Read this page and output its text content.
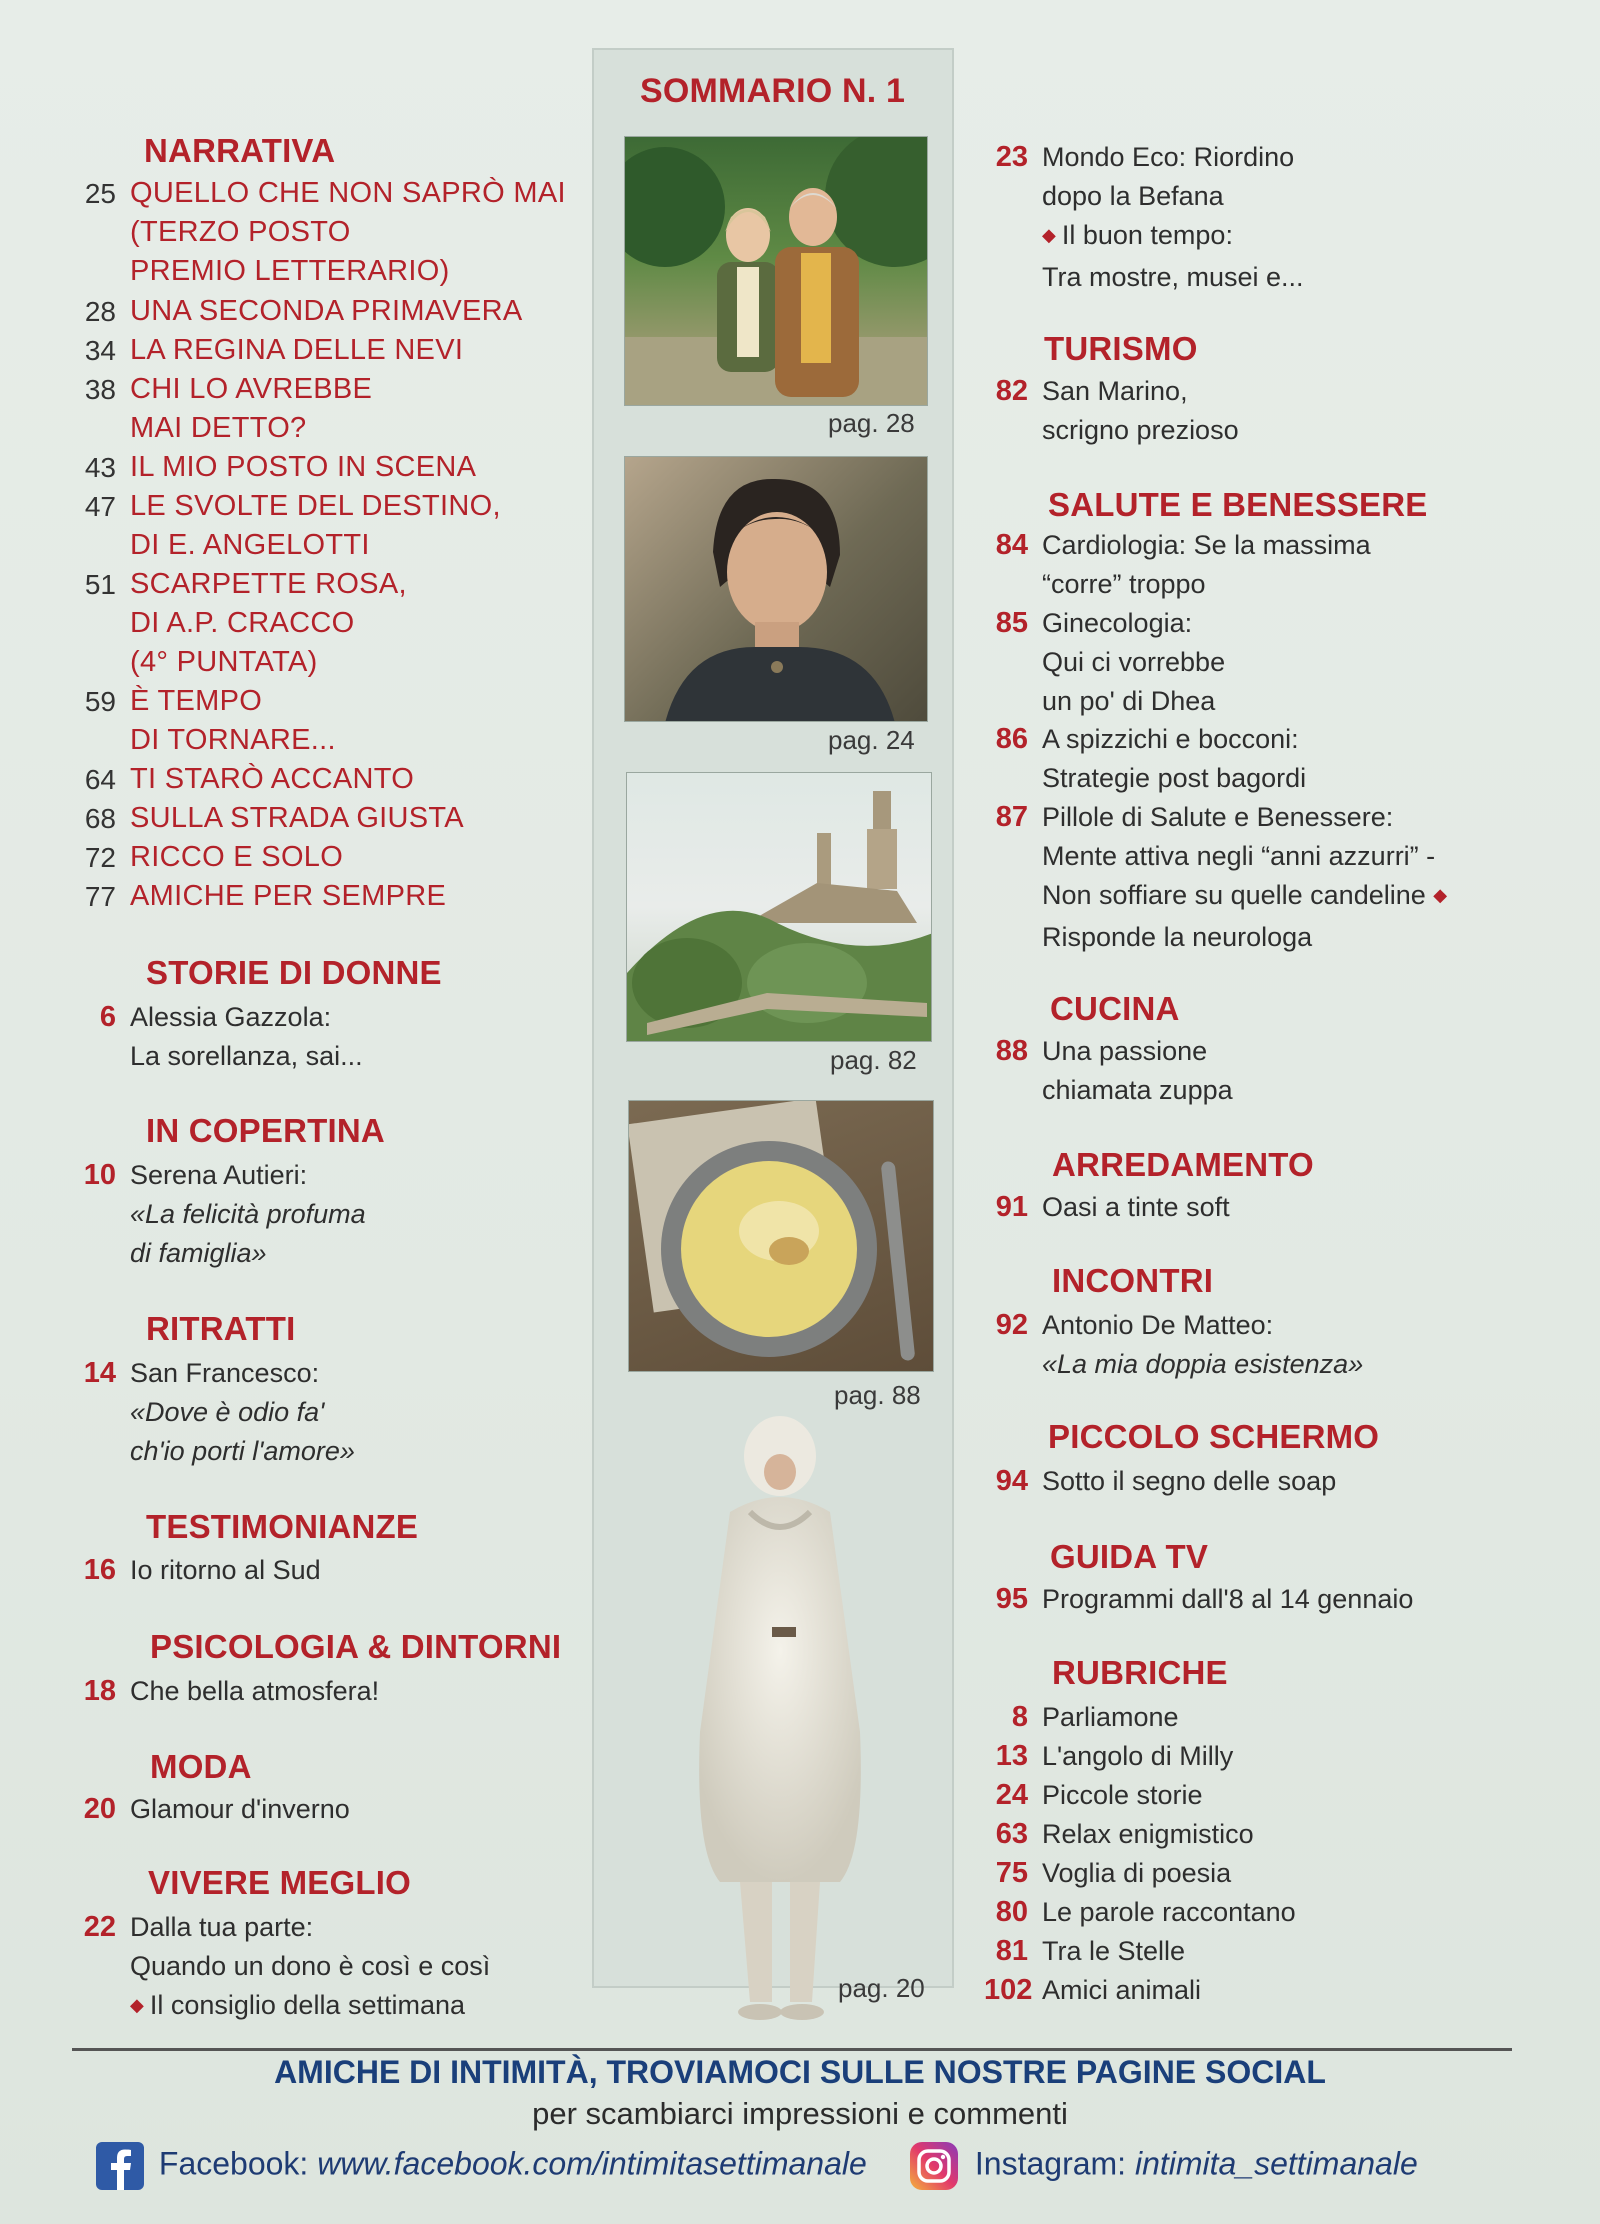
SOMMARIO N. 1
pag. 28
pag. 24
pag. 82
pag. 88
pag. 20
NARRATIVA
25 QUELLO CHE NON SAPRÒ MAI
(TERZO POSTO
PREMIO LETTERARIO)
28 UNA SECONDA PRIMAVERA
34 LA REGINA DELLE NEVI
38 CHI LO AVREBBE
MAI DETTO?
43 IL MIO POSTO IN SCENA
47 LE SVOLTE DEL DESTINO,
DI E. ANGELOTTI
51 SCARPETTE ROSA,
DI A.P. CRACCO
(4° PUNTATA)
59 È TEMPO
DI TORNARE...
64 TI STARÒ ACCANTO
68 SULLA STRADA GIUSTA
72 RICCO E SOLO
77 AMICHE PER SEMPRE
STORIE DI DONNE
6 Alessia Gazzola:
La sorellanza, sai...
IN COPERTINA
10 Serena Autieri:
«La felicità profuma
di famiglia»
RITRATTI
14 San Francesco:
«Dove è odio fa'
ch'io porti l'amore»
TESTIMONIANZE
16 Io ritorno al Sud
PSICOLOGIA & DINTORNI
18 Che bella atmosfera!
MODA
20 Glamour d'inverno
VIVERE MEGLIO
22 Dalla tua parte:
Quando un dono è così e così
◆ Il consiglio della settimana
23 Mondo Eco: Riordino
dopo la Befana
◆ Il buon tempo:
Tra mostre, musei e...
TURISMO
82 San Marino,
scrigno prezioso
SALUTE E BENESSERE
84 Cardiologia: Se la massima
“corre” troppo
85 Ginecologia:
Qui ci vorrebbe
un po' di Dhea
86 A spizzichi e bocconi:
Strategie post bagordi
87 Pillole di Salute e Benessere:
Mente attiva negli “anni azzurri” -
Non soffiare su quelle candeline ◆
Risponde la neurologa
CUCINA
88 Una passione
chiamata zuppa
ARREDAMENTO
91 Oasi a tinte soft
INCONTRI
92 Antonio De Matteo:
«La mia doppia esistenza»
PICCOLO SCHERMO
94 Sotto il segno delle soap
GUIDA TV
95 Programmi dall'8 al 14 gennaio
RUBRICHE
8 Parliamone
13 L'angolo di Milly
24 Piccole storie
63 Relax enigmistico
75 Voglia di poesia
80 Le parole raccontano
81 Tra le Stelle
102 Amici animali
AMICHE DI INTIMITÀ, TROVIAMOCI SULLE NOSTRE PAGINE SOCIAL
per scambiarci impressioni e commenti
Facebook: www.facebook.com/intimitasettimanale	Instagram: intimita_settimanale
